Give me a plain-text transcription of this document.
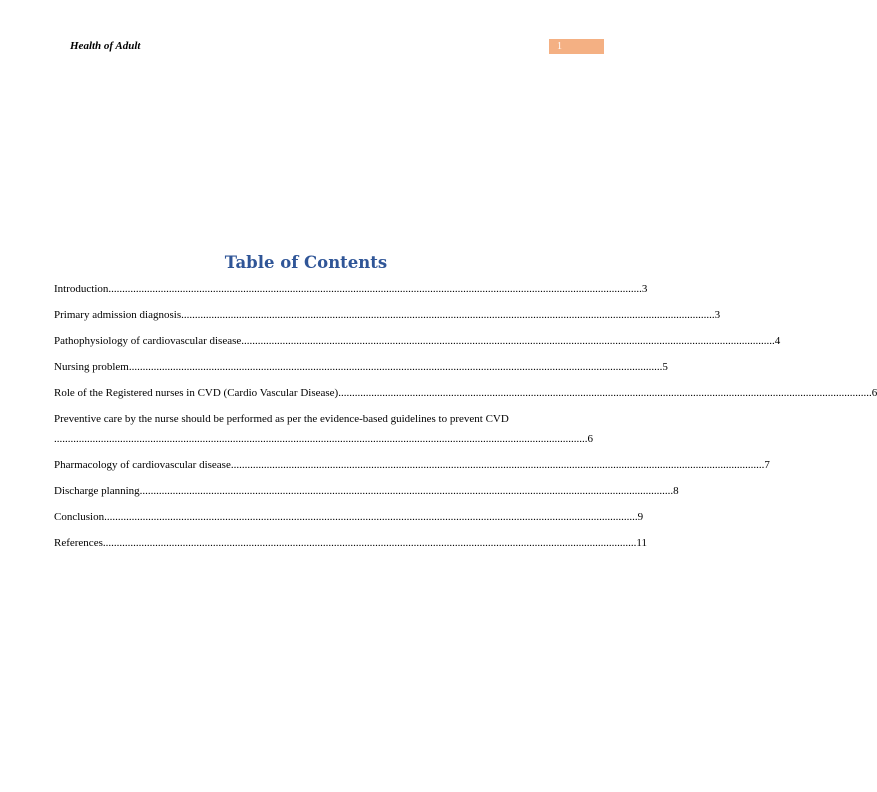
Health of Adult	1
Table of Contents
Introduction .................................................................................................................................................................................................. 3
Primary admission diagnosis .................................................................................................................................................................................................. 3
Pathophysiology of cardiovascular disease .................................................................................................................................................................................................. 4
Nursing problem .................................................................................................................................................................................................. 5
Role of the Registered nurses in CVD (Cardio Vascular Disease) .................................................................................................................................................................................................. 6
Preventive care by the nurse should be performed as per the evidence-based guidelines to prevent CVD
.................................................................................................................................................................................................. 6
Pharmacology of cardiovascular disease .................................................................................................................................................................................................. 7
Discharge planning .................................................................................................................................................................................................. 8
Conclusion .................................................................................................................................................................................................. 9
References .................................................................................................................................................................................................. 11
